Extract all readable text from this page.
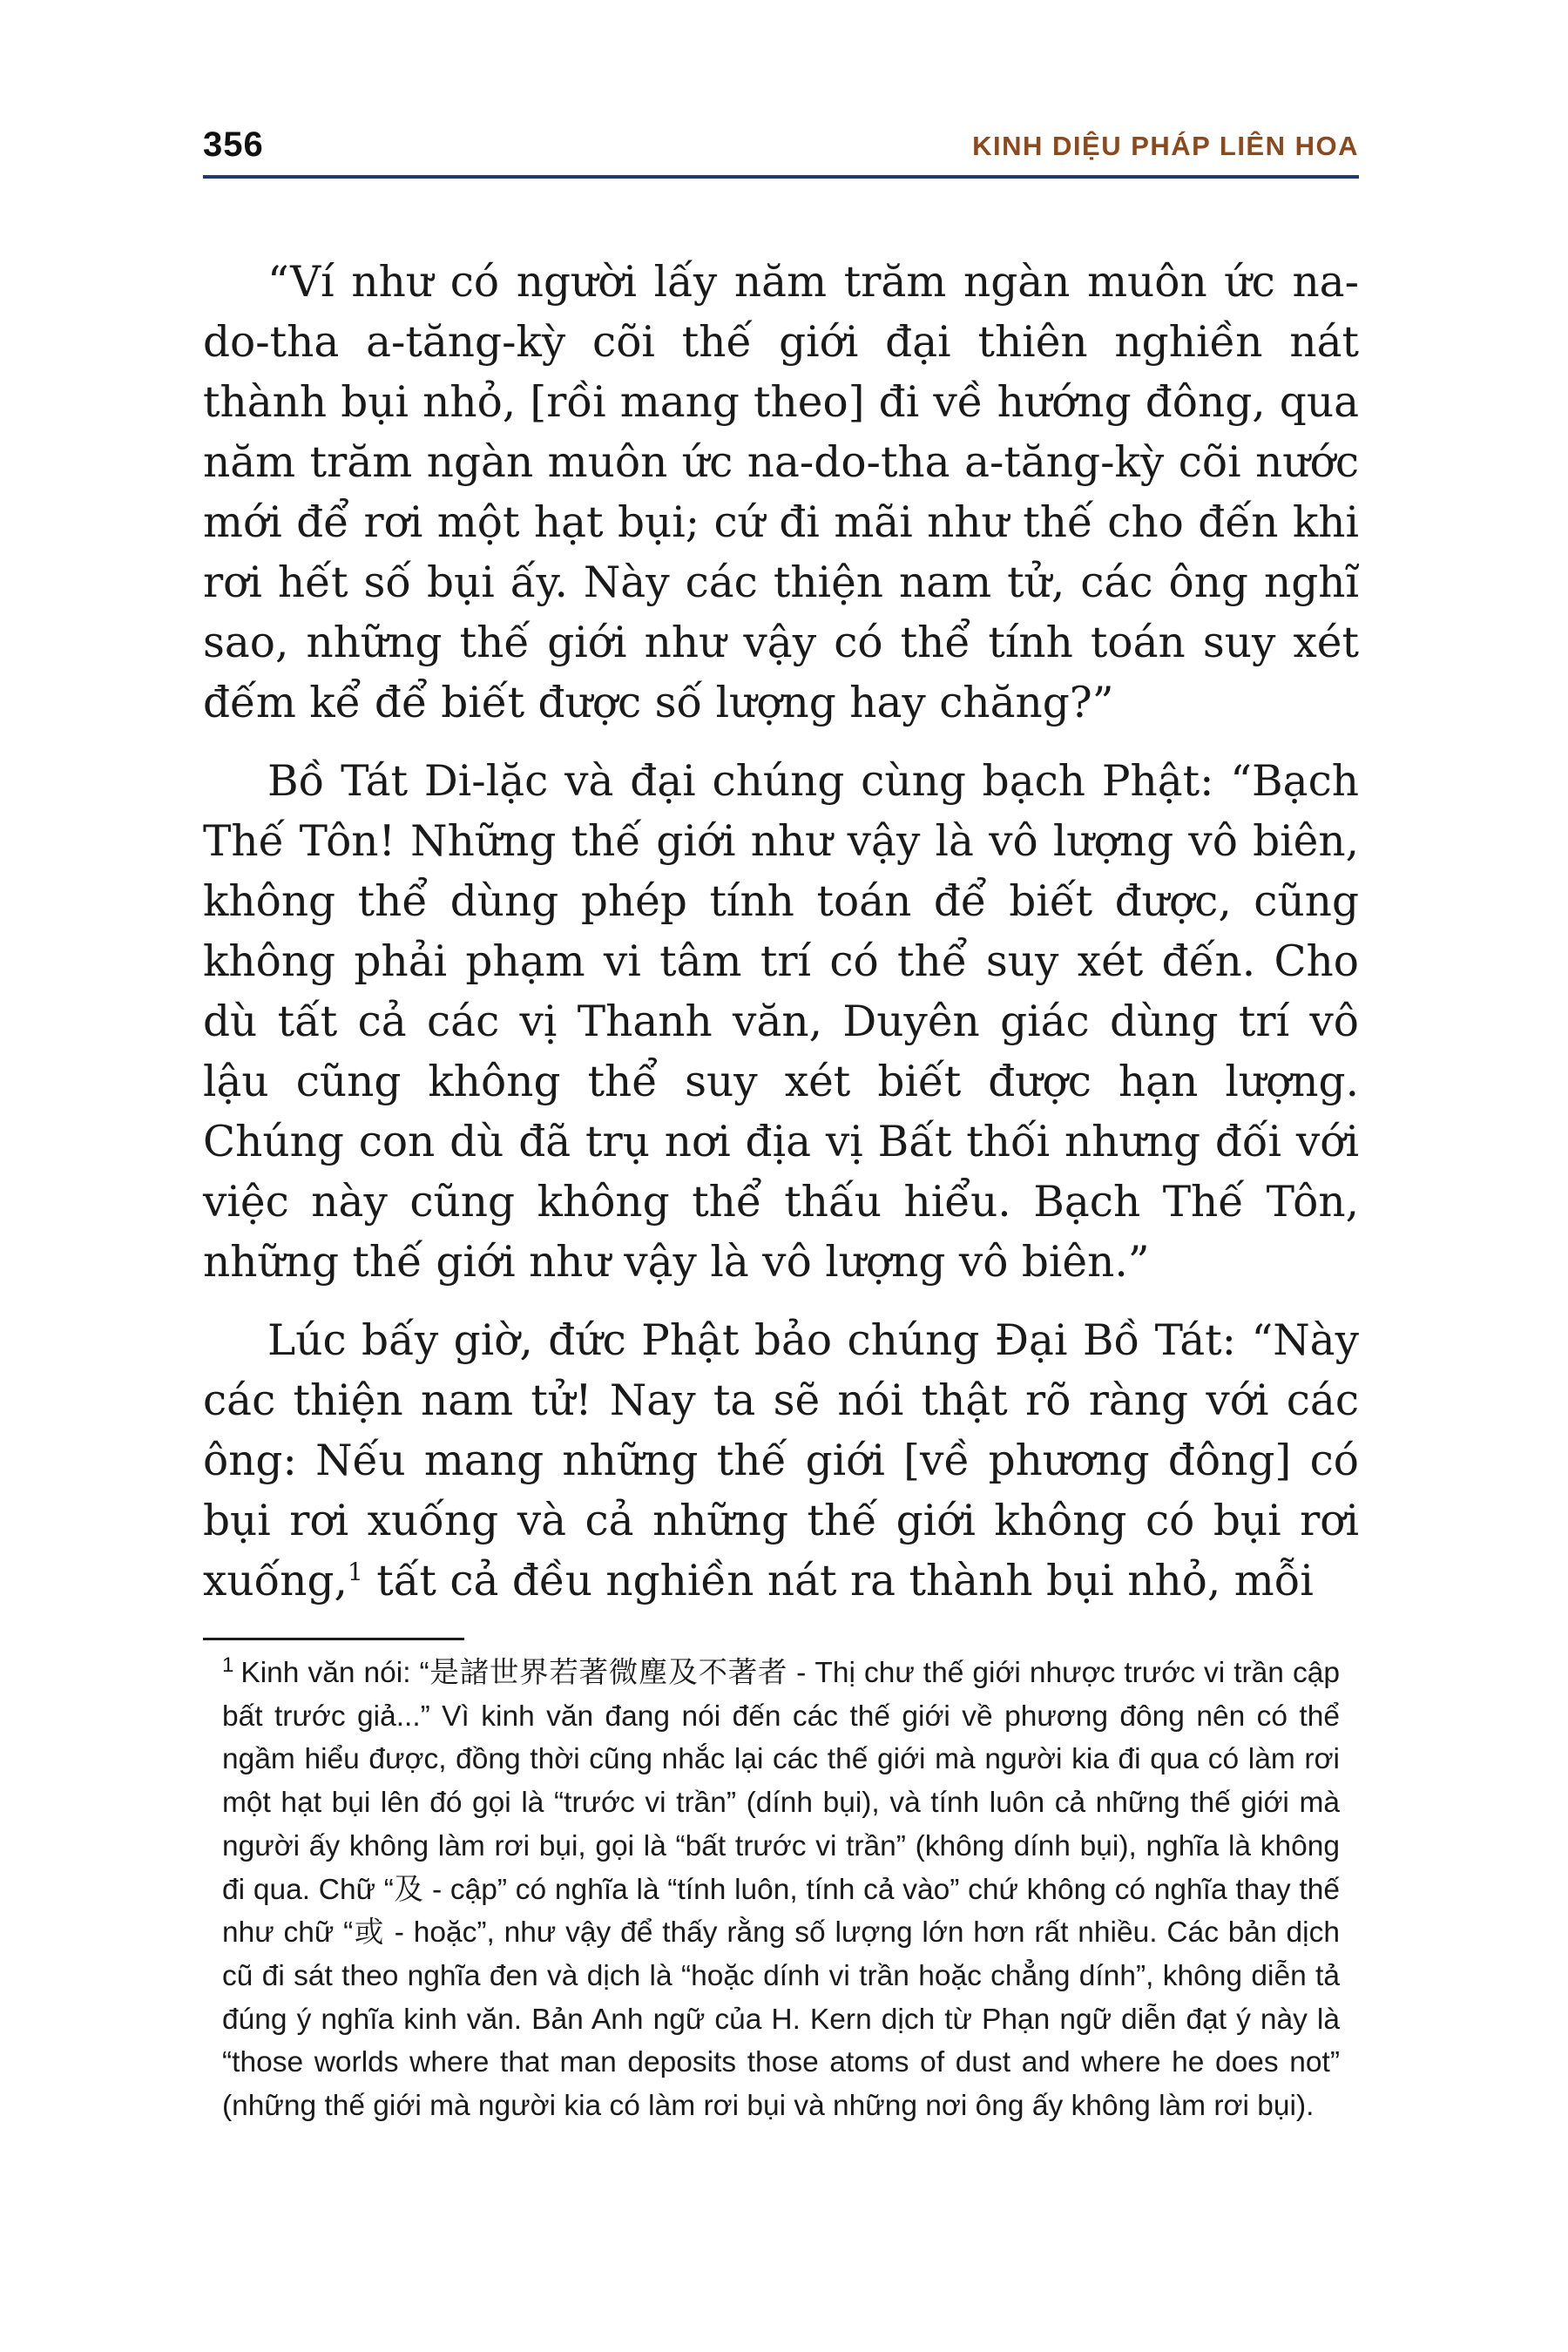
356	KINH DIỆU PHÁP LIÊN HOA

“Ví như có người lấy năm trăm ngàn muôn ức na-do-tha a-tăng-kỳ cõi thế giới đại thiên nghiền nát thành bụi nhỏ, [rồi mang theo] đi về hướng đông, qua năm trăm ngàn muôn ức na-do-tha a-tăng-kỳ cõi nước mới để rơi một hạt bụi; cứ đi mãi như thế cho đến khi rơi hết số bụi ấy. Này các thiện nam tử, các ông nghĩ sao, những thế giới như vậy có thể tính toán suy xét đếm kể để biết được số lượng hay chăng?”

Bồ Tát Di-lặc và đại chúng cùng bạch Phật: “Bạch Thế Tôn! Những thế giới như vậy là vô lượng vô biên, không thể dùng phép tính toán để biết được, cũng không phải phạm vi tâm trí có thể suy xét đến. Cho dù tất cả các vị Thanh văn, Duyên giác dùng trí vô lậu cũng không thể suy xét biết được hạn lượng. Chúng con dù đã trụ nơi địa vị Bất thối nhưng đối với việc này cũng không thể thấu hiểu. Bạch Thế Tôn, những thế giới như vậy là vô lượng vô biên.”

Lúc bấy giờ, đức Phật bảo chúng Đại Bồ Tát: “Này các thiện nam tử! Nay ta sẽ nói thật rõ ràng với các ông: Nếu mang những thế giới [về phương đông] có bụi rơi xuống và cả những thế giới không có bụi rơi xuống,$^1$ tất cả đều nghiền nát ra thành bụi nhỏ, mỗi

$^1$ Kinh văn nói: “是諸世界若著微塵及不著者 - Thị chư thế giới nhược trước vi trần cập bất trước giả...” Vì kinh văn đang nói đến các thế giới về phương đông nên có thể ngầm hiểu được, đồng thời cũng nhắc lại các thế giới mà người kia đi qua có làm rơi một hạt bụi lên đó gọi là “trước vi trần” (dính bụi), và tính luôn cả những thế giới mà người ấy không làm rơi bụi, gọi là “bất trước vi trần” (không dính bụi), nghĩa là không đi qua. Chữ “及 - cập” có nghĩa là “tính luôn, tính cả vào” chứ không có nghĩa thay thế như chữ “或 - hoặc”, như vậy để thấy rằng số lượng lớn hơn rất nhiều. Các bản dịch cũ đi sát theo nghĩa đen và dịch là “hoặc dính vi trần hoặc chẳng dính”, không diễn tả đúng ý nghĩa kinh văn. Bản Anh ngữ của H. Kern dịch từ Phạn ngữ diễn đạt ý này là “those worlds where that man deposits those atoms of dust and where he does not” (những thế giới mà người kia có làm rơi bụi và những nơi ông ấy không làm rơi bụi).
